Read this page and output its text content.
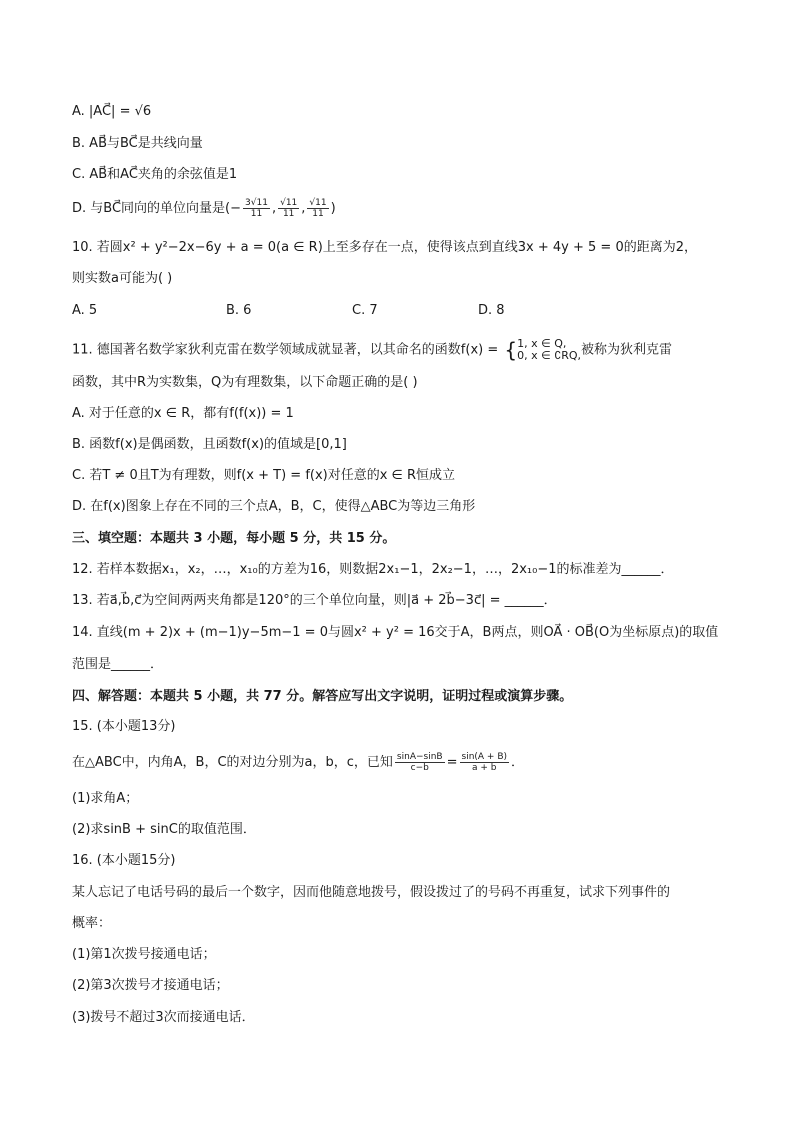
A. |AC⃗| = √6
B. AB⃗与BC⃗是共线向量
C. AB⃗和AC⃗夹角的余弦值是1
D. 与BC⃗同向的单位向量是(− $\frac{3√11}{11}$ , $\frac{√11}{11}$ , $\frac{√11}{11}$ )
10. 若圆x² + y²−2x−6y + a = 0(a ∈ R)上至多存在一点，使得该点到直线3x + 4y + 5 = 0的距离为2，
则实数a可能为( )
A. 5	B. 6	C. 7	D. 8
11. 德国著名数学家狄利克雷在数学领域成就显著，以其命名的函数f(x) = { 1, x ∈ Q,
0, x ∈ ∁RQ, 被称为狄利克雷
函数，其中R为实数集，Q为有理数集，以下命题正确的是( )
A. 对于任意的x ∈ R，都有f(f(x)) = 1
B. 函数f(x)是偶函数，且函数f(x)的值域是[0,1]
C. 若T ≠ 0且T为有理数，则f(x + T) = f(x)对任意的x ∈ R恒成立
D. 在f(x)图象上存在不同的三个点A，B，C，使得△ABC为等边三角形
三、填空题：本题共 3 小题，每小题 5 分，共 15 分。
12. 若样本数据x₁，x₂，…，x₁₀的方差为16，则数据2x₁−1，2x₂−1，…，2x₁₀−1的标准差为______．
13. 若a⃗,b⃗,c⃗为空间两两夹角都是120°的三个单位向量，则|a⃗ + 2b⃗−3c⃗| = ______．
14. 直线(m + 2)x + (m−1)y−5m−1 = 0与圆x² + y² = 16交于A，B两点，则OA⃗ · OB⃗(O为坐标原点)的取值
范围是______．
四、解答题：本题共 5 小题，共 77 分。解答应写出文字说明，证明过程或演算步骤。
15. (本小题13分)
在△ABC中，内角A，B，C的对边分别为a，b，c，已知 $\frac{\sin A-\sin B}{c-b} = \frac{\sin(A + B)}{a + b}$ ．
(1)求角A；
(2)求sinB + sinC的取值范围．
16. (本小题15分)
某人忘记了电话号码的最后一个数字，因而他随意地拨号，假设拨过了的号码不再重复，试求下列事件的
概率：
(1)第1次拨号接通电话；
(2)第3次拨号才接通电话；
(3)拨号不超过3次而接通电话．
